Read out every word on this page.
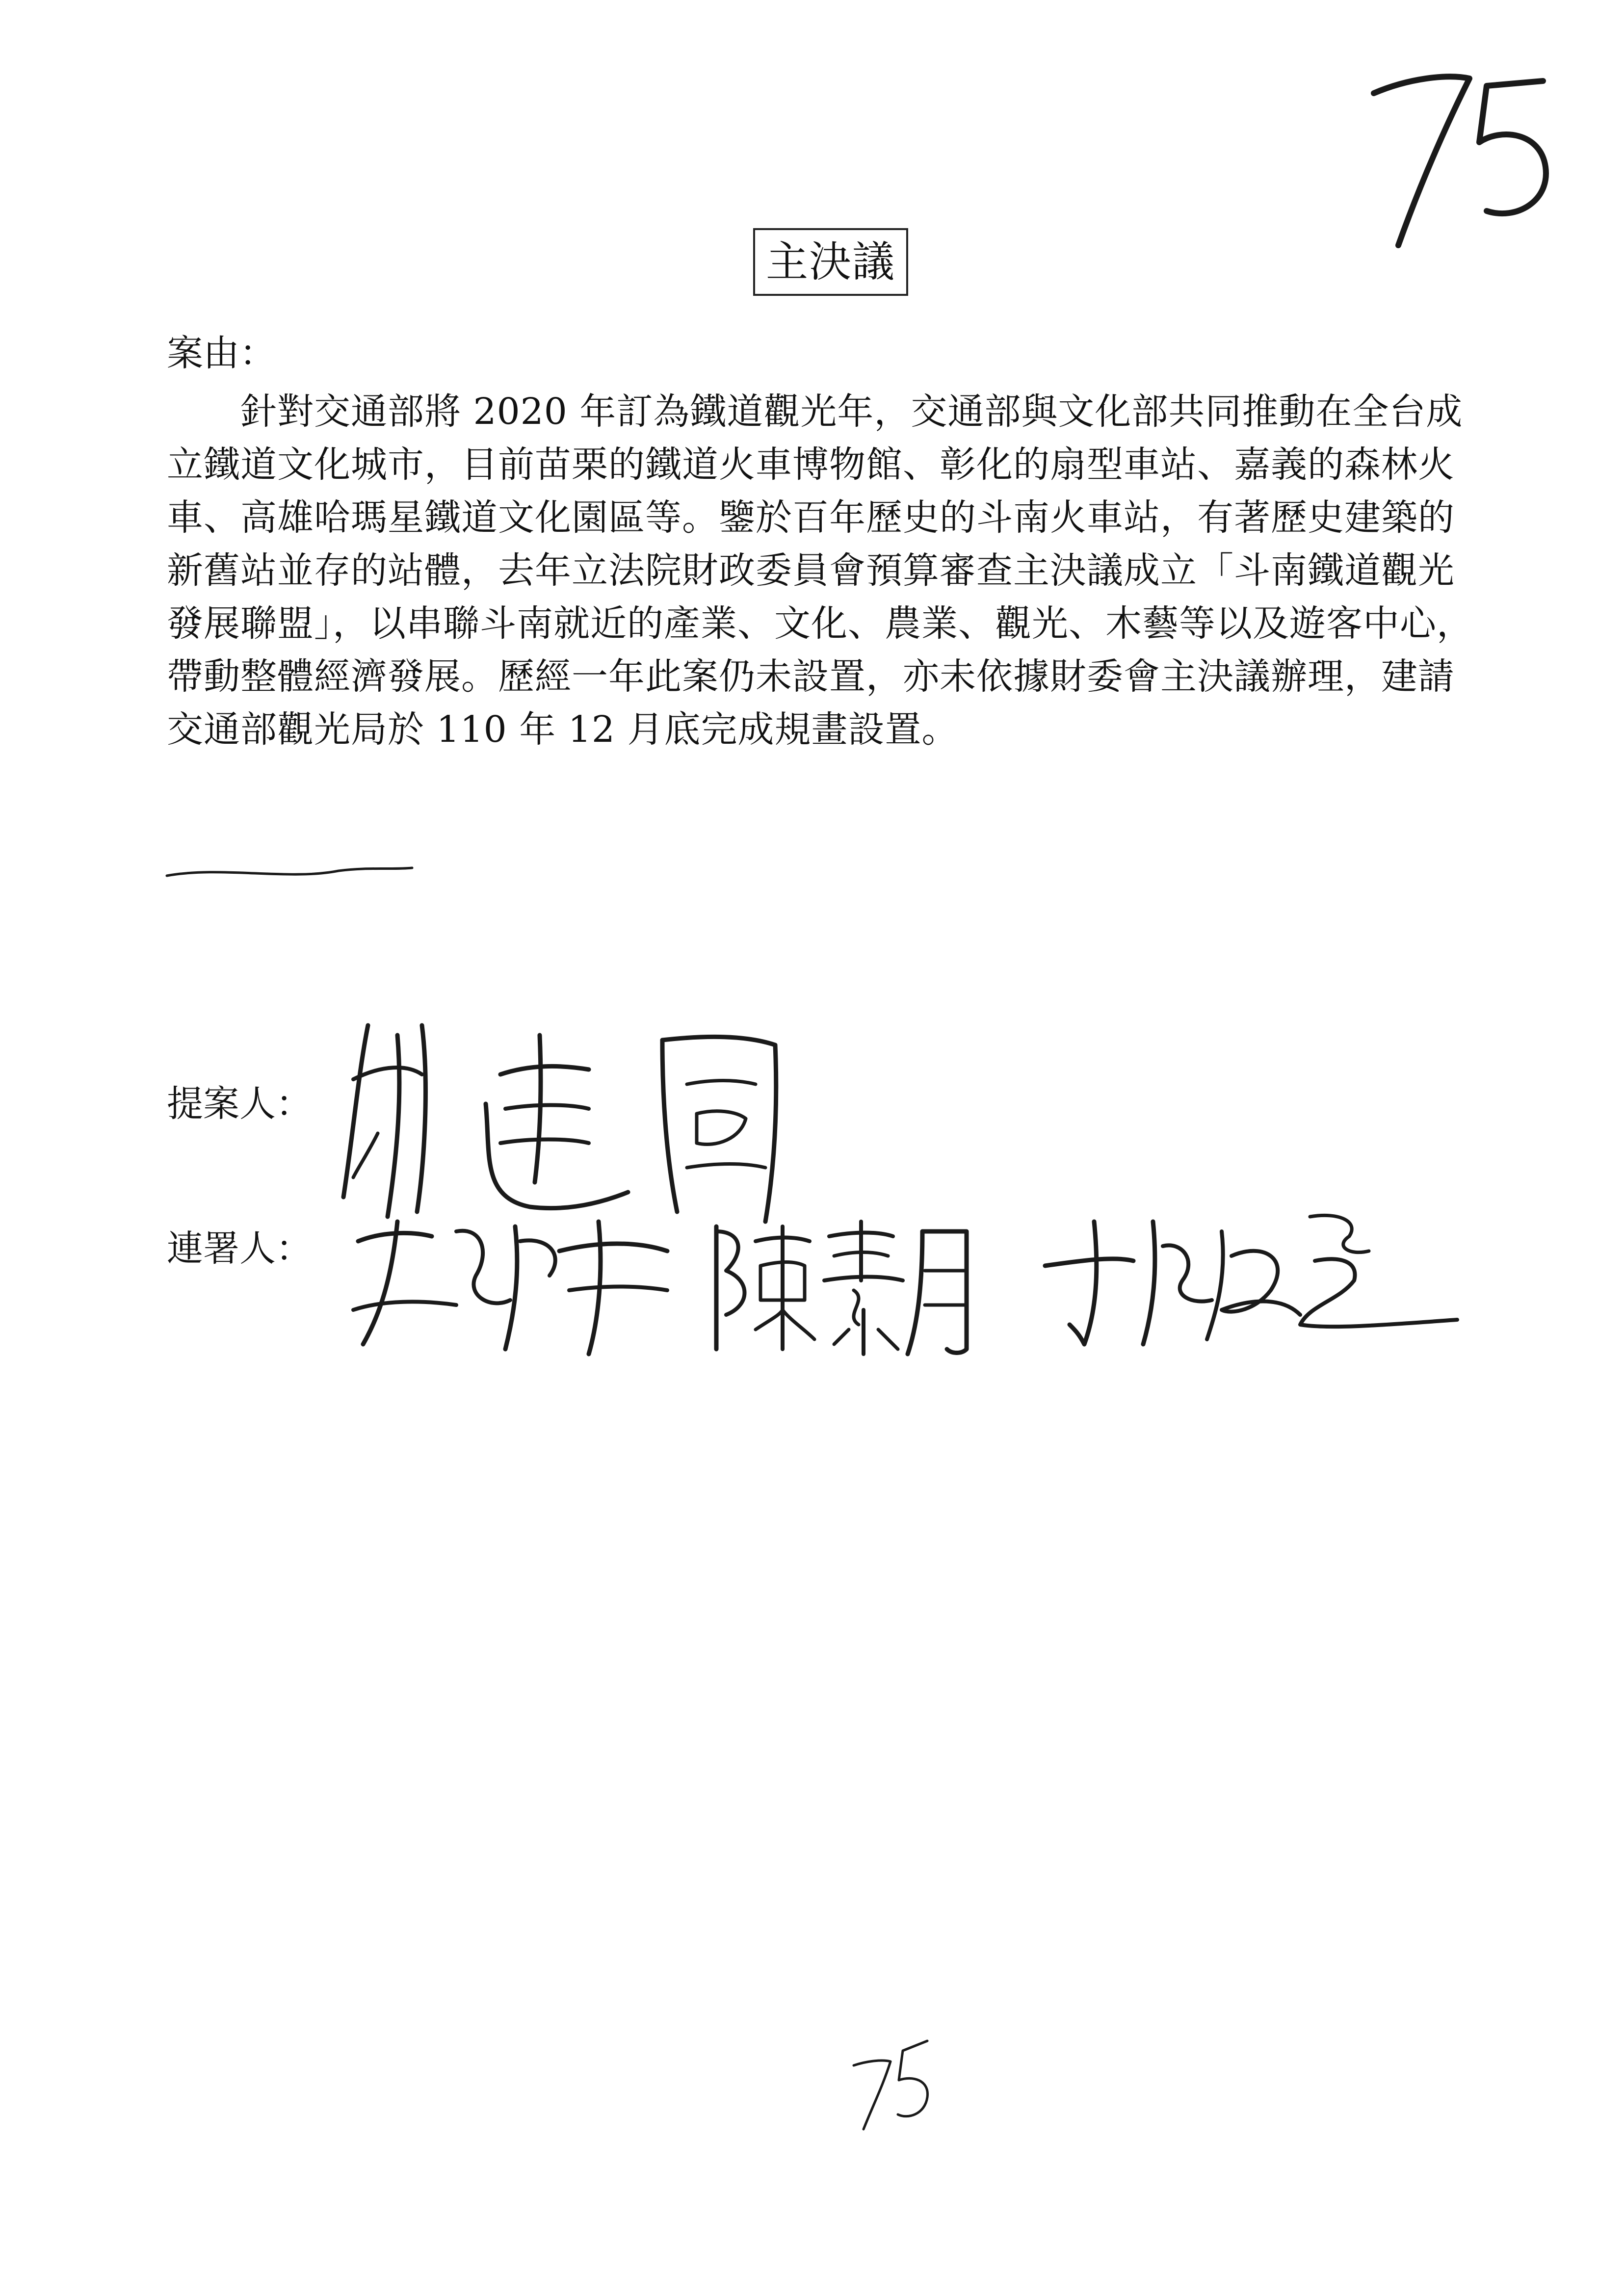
主決議
案由：
針對交通部將 2020 年訂為鐵道觀光年，交通部與文化部共同推動在全台成
立鐵道文化城市，目前苗栗的鐵道火車博物館、彰化的扇型車站、嘉義的森林火
車、高雄哈瑪星鐵道文化園區等。鑒於百年歷史的斗南火車站，有著歷史建築的
新舊站並存的站體，去年立法院財政委員會預算審查主決議成立「斗南鐵道觀光
發展聯盟」，以串聯斗南就近的產業、文化、農業、觀光、木藝等以及遊客中心，
帶動整體經濟發展。歷經一年此案仍未設置，亦未依據財委會主決議辦理，建請
交通部觀光局於 110 年 12 月底完成規畫設置。
提案人：
連署人：
